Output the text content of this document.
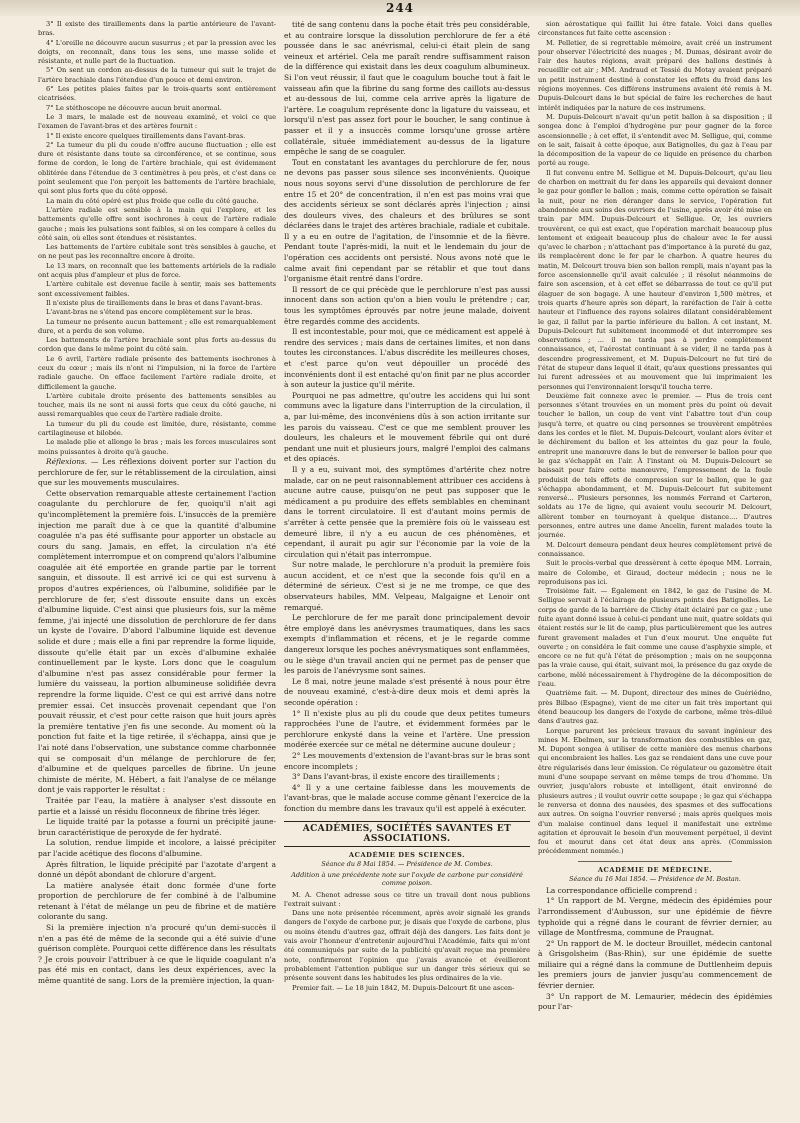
244

3° Il existe des tiraillements dans la partie antérieure de l'avant-bras.

4° L'oreille ne découvre aucun susurrus ; et par la pression avec les doigts, on reconnaît, dans tous les sens, une masse solide et résistante, et nulle part de la fluctuation.

5° On sent un cordon au-dessus de la tumeur qui suit le trajet de l'artère brachiale dans l'étendue d'un pouce et demi environ.

6° Les petites plaies faites par le trois-quarts sont entièrement cicatrisées.

7° Le stéthoscope ne découvre aucun bruit anormal.

Le 3 mars, le malade est de nouveau examiné, et voici ce que l'examen de l'avant-bras et des artères fournit :

1° Il existe encore quelques tiraillements dans l'avant-bras.

2° La tumeur du pli du coude n'offre aucune fluctuation ; elle est dure et résistante dans toute sa circonférence, et se continue, sous forme de cordon, le long de l'artère brachiale, qui est évidemment oblitérée dans l'étendue de 3 centimètres à peu près, et c'est dans ce point seulement que l'on perçoit les battements de l'artère brachiale, qui sont plus forts que du côté opposé.

La main du côté opéré est plus froide que celle du côté gauche.

L'artère radiale est sensible à la main qui l'explore, et les battements qu'elle offre sont isochrones à ceux de l'artère radiale gauche ; mais les pulsations sont faibles, si on les compare à celles du côté sain, où elles sont étendues et résistantes.

Les battements de l'artère cubitale sont très sensibles à gauche, et on ne peut pas les reconnaître encore à droite.

Le 13 mars, on reconnaît que les battements artériels de la radiale ont acquis plus d'ampleur et plus de force.

L'artère cubitale est devenue facile à sentir, mais ses battements sont excessivement faibles.

Il n'existe plus de tiraillements dans le bras et dans l'avant-bras.

L'avant-bras ne s'étend pas encore complètement sur le bras.

La tumeur ne présente aucun battement ; elle est remarquablement dure, et a perdu de son volume.

Les battements de l'artère brachiale sont plus forts au-dessus du cordon que dans le même point du côté sain.

Le 6 avril, l'artère radiale présente des battements isochrones à ceux du cœur ; mais ils n'ont ni l'impulsion, ni la force de l'artère radiale gauche. On efface facilement l'artère radiale droite, et difficilement la gauche.

L'artère cubitale droite présente des battements sensibles au toucher, mais ils ne sont ni aussi forts que ceux du côté gauche, ni aussi remarquables que ceux de l'artère radiale droite.

La tumeur du pli du coude est limitée, dure, résistante, comme cartilagineuse et bilobée.

Le malade plie et allonge le bras ; mais les forces musculaires sont moins puissantes à droite qu'à gauche.

Réflexions. — Les réflexions doivent porter sur l'action du perchlorure de fer, sur le rétablissement de la circulation, ainsi que sur les mouvements musculaires.

Cette observation remarquable atteste certainement l'action coagulante du perchlorure de fer, quoiqu'il n'ait agi qu'incomplètement la première fois. L'insuccès de la première injection me paraît due à ce que la quantité d'albumine coagulée n'a pas été suffisante pour apporter un obstacle au cours du sang. Jamais, en effet, la circulation n'a été complètement interrompue et on comprend qu'alors l'albumine coagulée ait été emportée en grande partie par le torrent sanguin, et dissoute. Il est arrivé ici ce qui est survenu à propos d'autres expériences, où l'albumine, solidifiée par le perchlorure de fer, s'est dissoute ensuite dans un excès d'albumine liquide. C'est ainsi que plusieurs fois, sur la même femme, j'ai injecté une dissolution de perchlorure de fer dans un kyste de l'ovaire. D'abord l'albumine liquide est devenue solide et dure ; mais elle a fini par reprendre la forme liquide, dissoute qu'elle était par un excès d'albumine exhalée continuellement par le kyste. Lors donc que le coagulum d'albumine n'est pas assez considérable pour fermer la lumière du vaisseau, la portion albumineuse solidifiée devra reprendre la forme liquide. C'est ce qui est arrivé dans notre premier essai. Cet insuccès provenait cependant que l'on pouvait réussir, et c'est pour cette raison que huit jours après la première tentative j'en fis une seconde. Au moment où la ponction fut faite et la tige retirée, il s'échappa, ainsi que je l'ai noté dans l'observation, une substance comme charbonnée qui se composait d'un mélange de perchlorure de fer, d'albumine et de quelques parcelles de fibrine. Un jeune chimiste de mérite, M. Hébert, a fait l'analyse de ce mélange dont je vais rapporter le résultat :

Traitée par l'eau, la matière à analyser s'est dissoute en partie et a laissé un résidu floconneux de fibrine très léger.

Le liquide traité par la potasse a fourni un précipité jaune-brun caractéristique de peroxyde de fer hydraté.

La solution, rendue limpide et incolore, a laissé précipiter par l'acide acétique des flocons d'albumine.

Après filtration, le liquide précipité par l'azotate d'argent a donné un dépôt abondant de chlorure d'argent.

La matière analysée était donc formée d'une forte proportion de perchlorure de fer combiné à de l'albumine retenant à l'état de mélange un peu de fibrine et de matière colorante du sang.

Si la première injection n'a procuré qu'un demi-succès il n'en a pas été de même de la seconde qui a été suivie d'une guérison complète. Pourquoi cette différence dans les résultats ? Je crois pouvoir l'attribuer à ce que le liquide coagulant n'a pas été mis en contact, dans les deux expériences, avec la même quantité de sang. Lors de la première injection, la quan-

tité de sang contenu dans la poche était très peu considérable, et au contraire lorsque la dissolution perchlorure de fer a été poussée dans le sac anévrismal, celui-ci était plein de sang veineux et artériel. Cela me paraît rendre suffisamment raison de la différence qui existait dans les deux coagulum albumineux. Si l'on veut réussir, il faut que le coagulum bouche tout à fait le vaisseau afin que la fibrine du sang forme des caillots au-dessus et au-dessous de lui, comme cela arrive après la ligature de l'artère. Le coagulum représente donc la ligature du vaisseau, et lorsqu'il n'est pas assez fort pour le boucher, le sang continue à passer et il y a insuccès comme lorsqu'une grosse artère collatérale, située immédiatement au-dessus de la ligature empêche le sang de se coaguler.

Tout en constatant les avantages du perchlorure de fer, nous ne devons pas passer sous silence ses inconvénients. Quoique nous nous soyons servi d'une dissolution de perchlorure de fer entre 15 et 20° de concentration, il n'en est pas moins vrai que des accidents sérieux se sont déclarés après l'injection ; ainsi des douleurs vives, des chaleurs et des brûlures se sont déclarées dans le trajet des artères brachiale, radiale et cubitale. Il y a eu en outre de l'agitation, de l'insomnie et de la fièvre. Pendant toute l'après-midi, la nuit et le lendemain du jour de l'opération ces accidents ont persisté. Nous avons noté que le calme avait fini cependant par se rétablir et que tout dans l'organisme était rentré dans l'ordre.

Il ressort de ce qui précède que le perchlorure n'est pas aussi innocent dans son action qu'on a bien voulu le prétendre ; car, tous les symptômes éprouvés par notre jeune malade, doivent être regardés comme des accidents.

Il est incontestable, pour moi, que ce médicament est appelé à rendre des services ; mais dans de certaines limites, et non dans toutes les circonstances. L'abus discrédite les meilleures choses, et c'est parce qu'on veut dépouiller un procédé des inconvénients dont il est entaché qu'on finit par ne plus accorder à son auteur la justice qu'il mérite.

Pourquoi ne pas admettre, qu'outre les accidens qui lui sont communs avec la ligature dans l'interruption de la circulation, il a, par lui-même, des inconvéniens dûs à son action irritante sur les parois du vaisseau. C'est ce que me semblent prouver les douleurs, les chaleurs et le mouvement fébrile qui ont duré pendant une nuit et plusieurs jours, malgré l'emploi des calmans et des opiacés.

Il y a eu, suivant moi, des symptômes d'artérite chez notre malade, car on ne peut raisonnablement attribuer ces accidens à aucune autre cause, puisqu'on ne peut pas supposer que le médicament a pu produire des effets semblables en cheminant dans le torrent circulatoire. Il est d'autant moins permis de s'arrêter à cette pensée que la première fois où le vaisseau est demeuré libre, il n'y a eu aucun de ces phénomènes, et cependant, il aurait pu agir sur l'économie par la voie de la circulation qui n'était pas interrompue.

Sur notre malade, le perchlorure n'a produit la première fois aucun accident, et ce n'est que la seconde fois qu'il en a déterminé de sérieux. C'est si je ne me trompe, ce que des observateurs habiles, MM. Velpeau, Malgaigne et Lenoir ont remarqué.

Le perchlorure de fer me paraît donc principalement devoir être employé dans les anévrysmes traumatiques, dans les sacs exempts d'inflammation et récens, et je le regarde comme dangereux lorsque les poches anévrysmatiques sont enflammées, ou le siège d'un travail ancien qui ne permet pas de penser que les parois de l'anévrysme sont saines.

Le 8 mai, notre jeune malade s'est présenté à nous pour être de nouveau examiné, c'est-à-dire deux mois et demi après la seconde opération :

1° Il n'existe plus au pli du coude que deux petites tumeurs rapprochées l'une de l'autre, et évidemment formées par le perchlorure enkysté dans la veine et l'artère. Une pression modérée exercée sur ce métal ne détermine aucune douleur ;

2° Les mouvements d'extension de l'avant-bras sur le bras sont encore incomplets ;

3° Dans l'avant-bras, il existe encore des tiraillements ;

4° Il y a une certaine faiblesse dans les mouvements de l'avant-bras, que le malade accuse comme gênant l'exercice de la fonction du membre dans les travaux qu'il est appelé à exécuter.

ACADÉMIES, SOCIÉTÉS SAVANTES ET ASSOCIATIONS.
ACADÉMIE DES SCIENCES.
Séance du 8 Mai 1854. — Présidence de M. Combes.
Addition à une précédente note sur l'oxyde de carbone pur considéré comme poison.

M. A. Chenot adresse sous ce titre un travail dont nous publions l'extrait suivant :

Dans une note présentée récemment, après avoir signalé les grands dangers de l'oxyde de carbone pur, je disais que l'oxyde de carbone, plus ou moins étendu d'autres gaz, offrait déjà des dangers. Les faits dont je vais avoir l'honneur d'entretenir aujourd'hui l'Académie, faits qui m'ont été communiqués par suite de la publicité qu'avait reçue ma première note, confirmeront l'opinion que j'avais avancée et éveilleront probablement l'attention publique sur un danger très sérieux qui se présente souvent dans les habitudes les plus ordinaires de la vie.

Premier fait. — Le 18 juin 1842, M. Dupuis-Delcourt fit une ascen-

sion aérostatique qui faillit lui être fatale. Voici dans quelles circonstances fut faite cette ascension :

M. Pelletier, de si regrettable mémoire, avait créé un instrument pour observer l'électricité des nuages ; M. Dumas, désirant avoir de l'air des hautes régions, avait préparé des ballons destinés à recueillir cet air ; MM. Andraud et Tessié du Motay avaient préparé un petit instrument destiné à constater les effets du froid dans les régions moyennes. Ces différens instrumens avaient été remis à M. Dupuis-Delcourt dans le but spécial de faire les recherches de haut intérêt indiquées par la nature de ces instrumens.

M. Dupuis-Delcourt n'avait qu'un petit ballon à sa disposition ; il songea donc à l'emploi d'hydrogène pur pour gagner de la force ascensionnelle ; à cet effet, il s'entendit avec M. Selligue, qui, comme on le sait, faisait à cette époque, aux Batignolles, du gaz à l'eau par la décomposition de la vapeur de ce liquide en présence du charbon porté au rouge.

Il fut convenu entre M. Selligue et M. Dupuis-Delcourt, qu'au lieu de charbon on mettrait du fer dans les appareils qui devaient donner le gaz pour gonfler le ballon ; mais, comme cette opération se faisait la nuit, pour ne rien déranger dans le service, l'opération fut abandonnée aux soins des ouvriers de l'usine, après avoir été mise en train par MM. Dupuis-Delcourt et Selligue. Or, les ouvriers trouvèrent, ce qui est exact, que l'opération marchait beaucoup plus lentement et exigeait beaucoup plus de chaleur avec le fer aussi qu'avec le charbon ; n'attachant pas d'importance à la pureté du gaz, ils remplacèrent donc le fer par le charbon. À quatre heures du matin, M. Delcourt trouva bien son ballon rempli, mais n'ayant pas la force ascensionnelle qu'il avait calculée ; il résolut néanmoins de faire son ascension, et à cet effet se débarrassa de tout ce qu'il put élaguer de son bagage. À une hauteur d'environ 1,500 mètres, et trois quarts d'heure après son départ, la raréfaction de l'air à cette hauteur et l'influence des rayons solaires dilatant considérablement le gaz, il fallut par la partie inférieure du ballon. À cet instant, M. Dupuis-Delcourt fut subitement incommodé et dut interrompre ses observations ; ... il ne tarda pas à perdre complètement connaissance, et, l'aérostat continuant à se vider, il ne tarda pas à descendre progressivement, et M. Dupuis-Delcourt ne fut tiré de l'état de stupeur dans lequel il était, qu'aux questions pressantes qui lui furent adressées et au mouvement que lui imprimaient les personnes qui l'environnaient lorsqu'il toucha terre.

Deuxième fait connexe avec le premier. — Plus de trois cent personnes s'étant trouvées en un moment près du point où devait toucher le ballon, un coup de vent vint l'abattre tout d'un coup jusqu'à terre, et quatre ou cinq personnes se trouvèrent empêtrées dans les cordes et le filet. M. Dupuis-Delcourt, voulant alors éviter et le déchirement du ballon et les atteintes du gaz pour la foule, entreprit une manœuvre dans le but de renverser le ballon pour que le gaz s'échappât en l'air. À l'instant où M. Dupuis-Delcourt se baissait pour faire cette manœuvre, l'empressement de la foule produisit de tels effets de compression sur le ballon, que le gaz s'échappa abondamment, et M. Dupuis-Delcourt fut subitement renversé... Plusieurs personnes, les nommés Ferrand et Carteron, soldats au 17e de ligne, qui avaient voulu secourir M. Delcourt, allèrent tomber en tournoyant à quelque distance.... D'autres personnes, entre autres une dame Ancelin, furent malades toute la journée.

M. Delcourt demeura pendant deux heures complètement privé de connaissance.

Suit le procès-verbal que dressèrent à cette époque MM. Lorrain, maire de Colombe, et Giraud, docteur médecin ; nous ne le reproduisons pas ici.

Troisième fait. — Également en 1842, le gaz de l'usine de M. Selligue servait à l'éclairage de plusieurs points des Batignolles. Le corps de garde de la barrière de Clichy était éclairé par ce gaz ; une fuite ayant donné issue à celui-ci pendant une nuit, quatre soldats qui étaient restés sur le lit de camp, plus particulièrement que les autres furent gravement malades et l'un d'eux mourut. Une enquête fut ouverte ; on considéra le fait comme une cause d'asphyxie simple, et encore ce ne fut qu'à l'état de présomption ; mais on ne soupçonna pas la vraie cause, qui était, suivant moi, la présence du gaz oxyde de carbone, mêlé nécessairement à l'hydrogène de la décomposition de l'eau.

Quatrième fait. — M. Dupont, directeur des mines de Guériédno, près Bilbao (Espagne), vient de me citer un fait très important qui étend beaucoup les dangers de l'oxyde de carbone, même très-dilué dans d'autres gaz.

Lorque parurent les précieux travaux du savant ingénieur des mines M. Ebelmen, sur la transformation des combustibles en gaz, M. Dupont songea à utiliser de cette manière des menus charbons qui encombraient les halles. Les gaz se rendaient dans une cuve pour être régularisés dans leur émission. Ce régulateur ou gazomètre était muni d'une soupape servant en même temps de trou d'homme. Un ouvrier, jusqu'alors robuste et intelligent, était environné de plusieurs autres ; il voulut ouvrir cette soupape ; le gaz qui s'échappa le renversa et donna des nausées, des spasmes et des suffocations aux autres. On soigna l'ouvrier renversé ; mais après quelques mois d'un malaise continuel dans lequel il manifestait une extrême agitation et éprouvait le besoin d'un mouvement perpétuel, il devint fou et mourut dans cet état deux ans après. (Commission précédemment nommée.)

ACADÉMIE DE MÉDECINE.
Séance du 16 Mai 1854. — Présidence de M. Bostan.

La correspondance officielle comprend :

1° Un rapport de M. Vergne, médecin des épidémies pour l'arrondissement d'Aubusson, sur une épidémie de fièvre typhoïde qui a régné dans le courant de février dernier, au village de Montfresma, commune de Praugnat.

2° Un rapport de M. le docteur Brouillet, médecin cantonal à Grisgolsheim (Bas-Rhin), sur une épidémie de suette miliaire qui a régné dans la commune de Duttlenheim depuis les premiers jours de janvier jusqu'au commencement de février dernier.

3° Un rapport de M. Lemaurier, médecin des épidémies pour l'ar-
